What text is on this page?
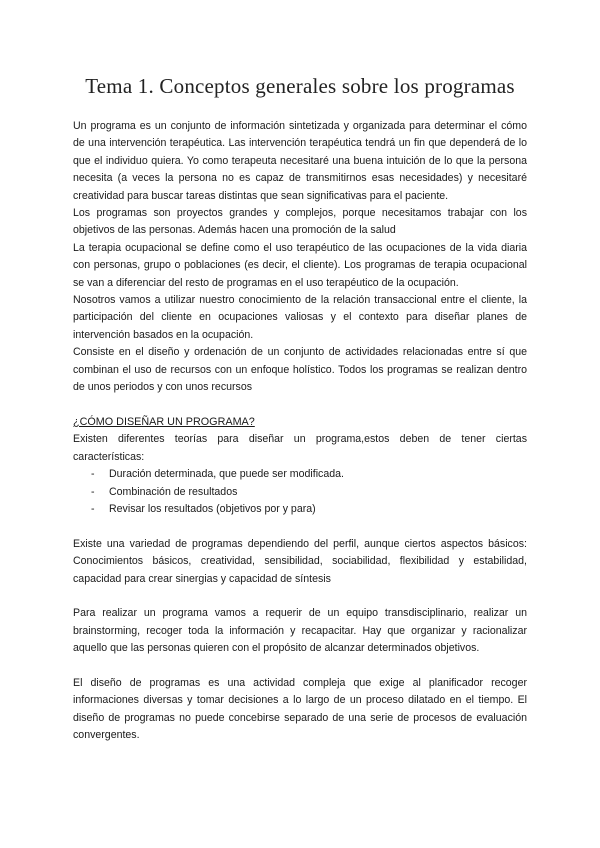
Tema 1. Conceptos generales sobre los programas

Un programa es un conjunto de información sintetizada y organizada para determinar el cómo de una intervención terapéutica. Las intervención terapéutica tendrá un fin que dependerá de lo que el individuo quiera. Yo como terapeuta necesitaré una buena intuición de lo que la persona necesita (a veces la persona no es capaz de transmitirnos esas necesidades) y necesitaré creatividad para buscar tareas distintas que sean significativas para el paciente.

Los programas son proyectos grandes y complejos, porque necesitamos trabajar con los objetivos de las personas. Además hacen una promoción de la salud

La terapia ocupacional se define como el uso terapéutico de las ocupaciones de la vida diaria con personas, grupo o poblaciones (es decir, el cliente). Los programas de terapia ocupacional se van a diferenciar del resto de programas en el uso terapéutico de la ocupación.

Nosotros vamos a utilizar nuestro conocimiento de la relación transaccional entre el cliente, la participación del cliente en ocupaciones valiosas y el contexto para diseñar planes de intervención basados en la ocupación.

Consiste en el diseño y ordenación de un conjunto de actividades relacionadas entre sí que combinan el uso de recursos con un enfoque holístico. Todos los programas se realizan dentro de unos periodos y con unos recursos

¿CÓMO DISEÑAR UN PROGRAMA?

Existen diferentes teorías para diseñar un programa,estos deben de tener ciertas características:

- Duración determinada, que puede ser modificada.
- Combinación de resultados
- Revisar los resultados (objetivos por y para)

Existe una variedad de programas dependiendo del perfil, aunque ciertos aspectos básicos: Conocimientos básicos, creatividad, sensibilidad, sociabilidad, flexibilidad y estabilidad, capacidad para crear sinergias y capacidad de síntesis

Para realizar un programa vamos a requerir de un equipo transdisciplinario, realizar un brainstorming, recoger toda la información y recapacitar. Hay que organizar y racionalizar aquello que las personas quieren con el propósito de alcanzar determinados objetivos.

El diseño de programas es una actividad compleja que exige al planificador recoger informaciones diversas y tomar decisiones a lo largo de un proceso dilatado en el tiempo. El diseño de programas no puede concebirse separado de una serie de procesos de evaluación convergentes.
